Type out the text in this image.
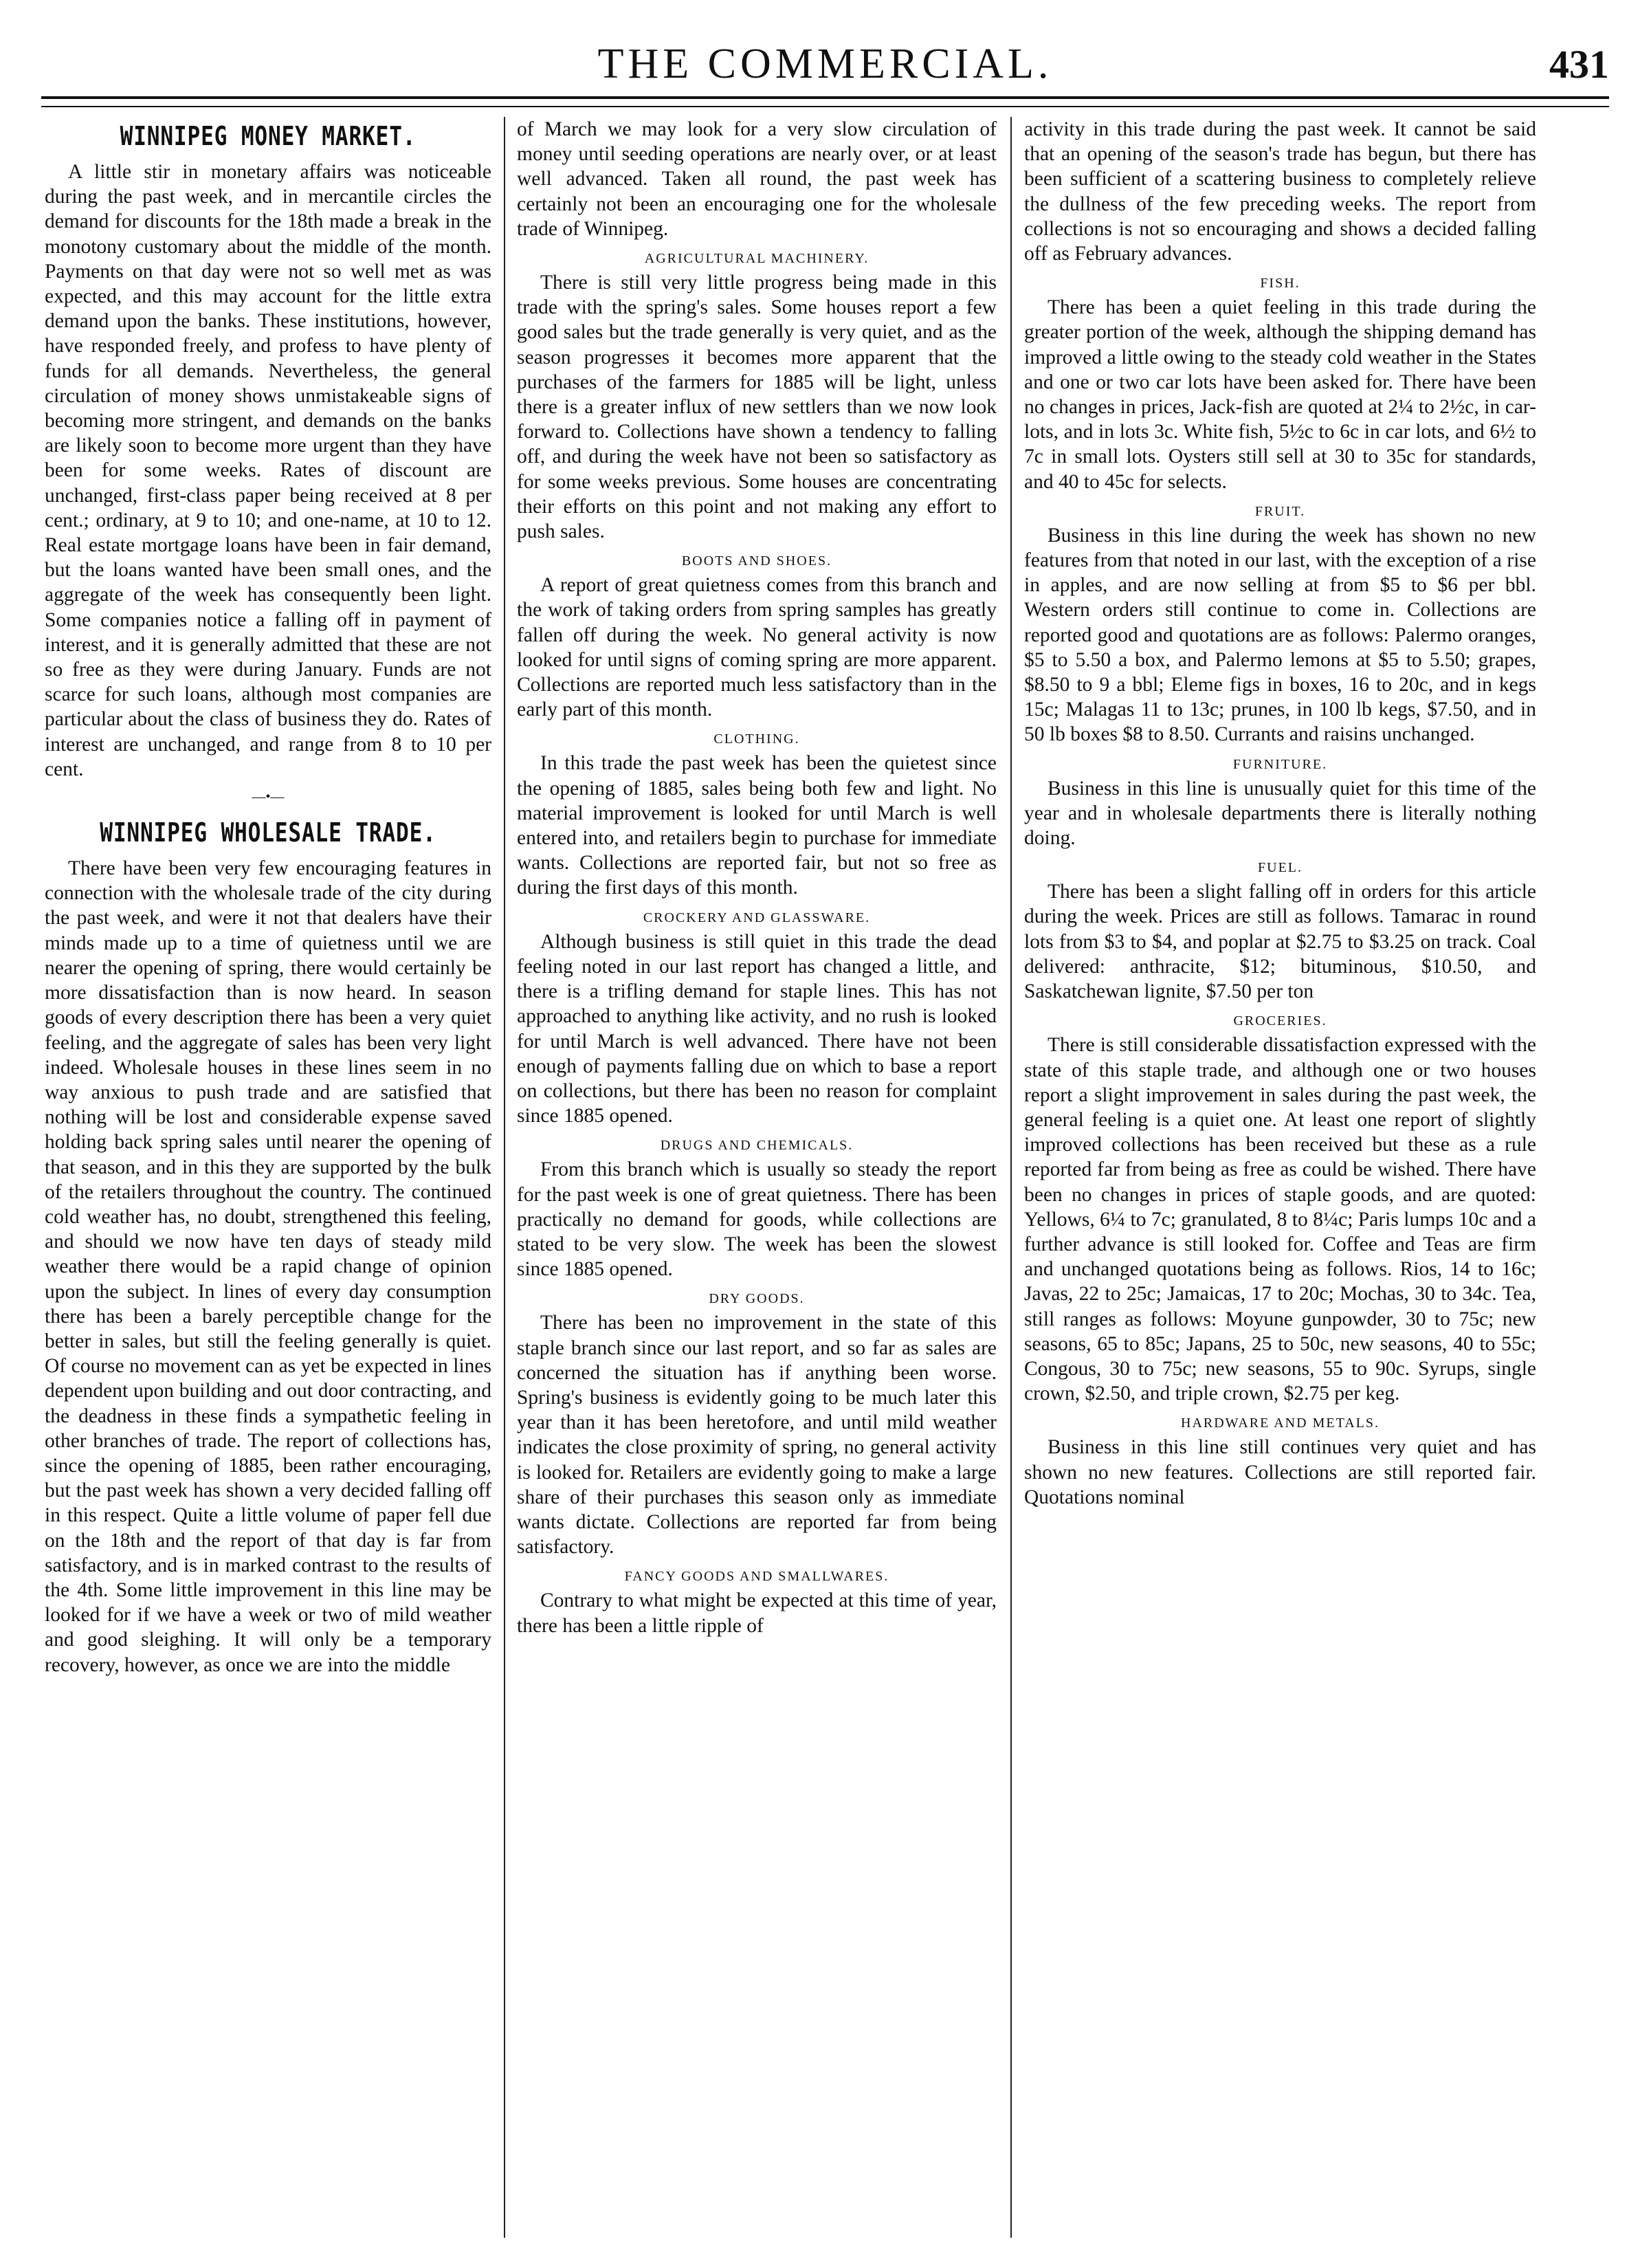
THE COMMERCIAL.	431
WINNIPEG MONEY MARKET.

A little stir in monetary affairs was noticeable during the past week, and in mercantile circles the demand for discounts for the 18th made a break in the monotony customary about the middle of the month. Payments on that day were not so well met as was expected, and this may account for the little extra demand upon the banks. These institutions, however, have responded freely, and profess to have plenty of funds for all demands. Nevertheless, the general circulation of money shows unmistakeable signs of becoming more stringent, and demands on the banks are likely soon to become more urgent than they have been for some weeks. Rates of discount are unchanged, first-class paper being received at 8 per cent.; ordinary, at 9 to 10; and one-name, at 10 to 12. Real estate mortgage loans have been in fair demand, but the loans wanted have been small ones, and the aggregate of the week has consequently been light. Some companies notice a falling off in payment of interest, and it is generally admitted that these are not so free as they were during January. Funds are not scarce for such loans, although most companies are particular about the class of business they do. Rates of interest are unchanged, and range from 8 to 10 per cent.

—•—
WINNIPEG WHOLESALE TRADE.

There have been very few encouraging features in connection with the wholesale trade of the city during the past week, and were it not that dealers have their minds made up to a time of quietness until we are nearer the opening of spring, there would certainly be more dissatisfaction than is now heard. In season goods of every description there has been a very quiet feeling, and the aggregate of sales has been very light indeed. Wholesale houses in these lines seem in no way anxious to push trade and are satisfied that nothing will be lost and considerable expense saved holding back spring sales until nearer the opening of that season, and in this they are supported by the bulk of the retailers throughout the country. The continued cold weather has, no doubt, strengthened this feeling, and should we now have ten days of steady mild weather there would be a rapid change of opinion upon the subject. In lines of every day consumption there has been a barely perceptible change for the better in sales, but still the feeling generally is quiet. Of course no movement can as yet be expected in lines dependent upon building and out door contracting, and the deadness in these finds a sympathetic feeling in other branches of trade. The report of collections has, since the opening of 1885, been rather encouraging, but the past week has shown a very decided falling off in this respect. Quite a little volume of paper fell due on the 18th and the report of that day is far from satisfactory, and is in marked contrast to the results of the 4th. Some little improvement in this line may be looked for if we have a week or two of mild weather and good sleighing. It will only be a temporary recovery, however, as once we are into the middle

of March we may look for a very slow circulation of money until seeding operations are nearly over, or at least well advanced. Taken all round, the past week has certainly not been an encouraging one for the wholesale trade of Winnipeg.

AGRICULTURAL MACHINERY.

There is still very little progress being made in this trade with the spring's sales. Some houses report a few good sales but the trade generally is very quiet, and as the season progresses it becomes more apparent that the purchases of the farmers for 1885 will be light, unless there is a greater influx of new settlers than we now look forward to. Collections have shown a tendency to falling off, and during the week have not been so satisfactory as for some weeks previous. Some houses are concentrating their efforts on this point and not making any effort to push sales.

BOOTS AND SHOES.

A report of great quietness comes from this branch and the work of taking orders from spring samples has greatly fallen off during the week. No general activity is now looked for until signs of coming spring are more apparent. Collections are reported much less satisfactory than in the early part of this month.

CLOTHING.

In this trade the past week has been the quietest since the opening of 1885, sales being both few and light. No material improvement is looked for until March is well entered into, and retailers begin to purchase for immediate wants. Collections are reported fair, but not so free as during the first days of this month.

CROCKERY AND GLASSWARE.

Although business is still quiet in this trade the dead feeling noted in our last report has changed a little, and there is a trifling demand for staple lines. This has not approached to anything like activity, and no rush is looked for until March is well advanced. There have not been enough of payments falling due on which to base a report on collections, but there has been no reason for complaint since 1885 opened.

DRUGS AND CHEMICALS.

From this branch which is usually so steady the report for the past week is one of great quietness. There has been practically no demand for goods, while collections are stated to be very slow. The week has been the slowest since 1885 opened.

DRY GOODS.

There has been no improvement in the state of this staple branch since our last report, and so far as sales are concerned the situation has if anything been worse. Spring's business is evidently going to be much later this year than it has been heretofore, and until mild weather indicates the close proximity of spring, no general activity is looked for. Retailers are evidently going to make a large share of their purchases this season only as immediate wants dictate. Collections are reported far from being satisfactory.

FANCY GOODS AND SMALLWARES.

Contrary to what might be expected at this time of year, there has been a little ripple of

activity in this trade during the past week. It cannot be said that an opening of the season's trade has begun, but there has been sufficient of a scattering business to completely relieve the dullness of the few preceding weeks. The report from collections is not so encouraging and shows a decided falling off as February advances.

FISH.

There has been a quiet feeling in this trade during the greater portion of the week, although the shipping demand has improved a little owing to the steady cold weather in the States and one or two car lots have been asked for. There have been no changes in prices, Jack-fish are quoted at 2¼ to 2½c, in car-lots, and in lots 3c. White fish, 5½c to 6c in car lots, and 6½ to 7c in small lots. Oysters still sell at 30 to 35c for standards, and 40 to 45c for selects.

FRUIT.

Business in this line during the week has shown no new features from that noted in our last, with the exception of a rise in apples, and are now selling at from $5 to $6 per bbl. Western orders still continue to come in. Collections are reported good and quotations are as follows: Palermo oranges, $5 to 5.50 a box, and Palermo lemons at $5 to 5.50; grapes, $8.50 to 9 a bbl; Eleme figs in boxes, 16 to 20c, and in kegs 15c; Malagas 11 to 13c; prunes, in 100 lb kegs, $7.50, and in 50 lb boxes $8 to 8.50. Currants and raisins unchanged.

FURNITURE.

Business in this line is unusually quiet for this time of the year and in wholesale departments there is literally nothing doing.

FUEL.

There has been a slight falling off in orders for this article during the week. Prices are still as follows. Tamarac in round lots from $3 to $4, and poplar at $2.75 to $3.25 on track. Coal delivered: anthracite, $12; bituminous, $10.50, and Saskatchewan lignite, $7.50 per ton

GROCERIES.

There is still considerable dissatisfaction expressed with the state of this staple trade, and although one or two houses report a slight improvement in sales during the past week, the general feeling is a quiet one. At least one report of slightly improved collections has been received but these as a rule reported far from being as free as could be wished. There have been no changes in prices of staple goods, and are quoted: Yellows, 6¼ to 7c; granulated, 8 to 8¼c; Paris lumps 10c and a further advance is still looked for. Coffee and Teas are firm and unchanged quotations being as follows. Rios, 14 to 16c; Javas, 22 to 25c; Jamaicas, 17 to 20c; Mochas, 30 to 34c. Tea, still ranges as follows: Moyune gunpowder, 30 to 75c; new seasons, 65 to 85c; Japans, 25 to 50c, new seasons, 40 to 55c; Congous, 30 to 75c; new seasons, 55 to 90c. Syrups, single crown, $2.50, and triple crown, $2.75 per keg.

HARDWARE AND METALS.

Business in this line still continues very quiet and has shown no new features. Collections are still reported fair. Quotations nominal
